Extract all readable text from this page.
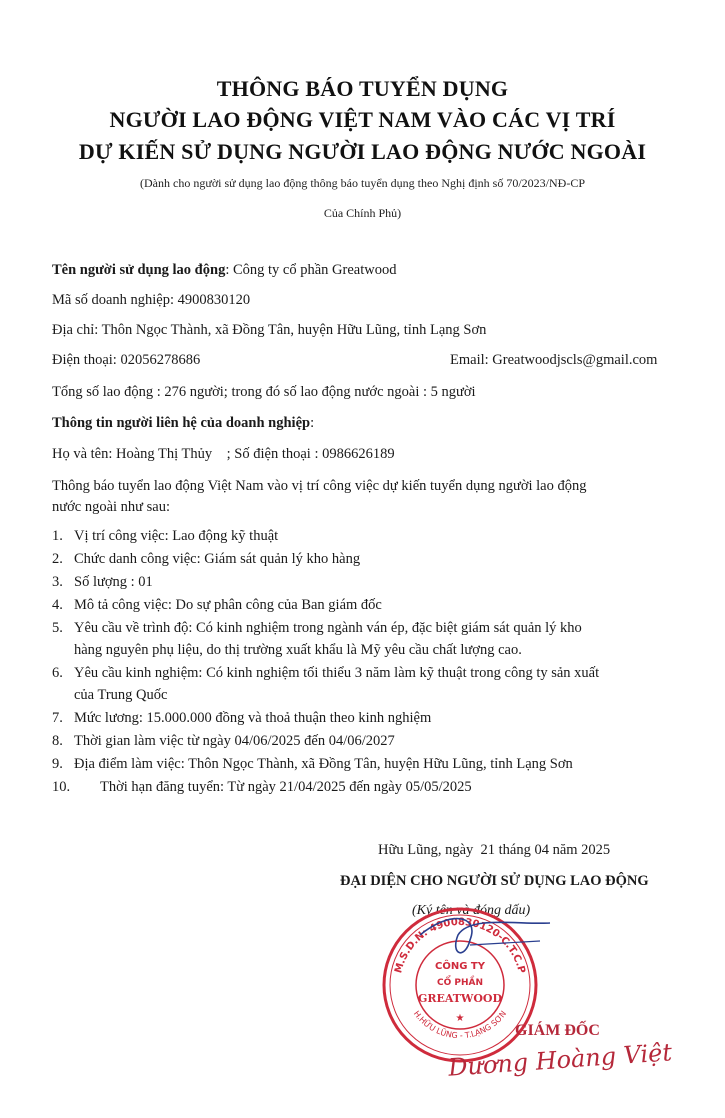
THÔNG BÁO TUYỂN DỤNG
NGƯỜI LAO ĐỘNG VIỆT NAM VÀO CÁC VỊ TRÍ
DỰ KIẾN SỬ DỤNG NGƯỜI LAO ĐỘNG NƯỚC NGOÀI
(Dành cho người sử dụng lao động thông báo tuyển dụng theo Nghị định số 70/2023/NĐ-CP
Của Chính Phủ)
Tên người sử dụng lao động: Công ty cổ phần Greatwood
Mã số doanh nghiệp: 4900830120
Địa chỉ: Thôn Ngọc Thành, xã Đồng Tân, huyện Hữu Lũng, tỉnh Lạng Sơn
Điện thoại: 02056278686	Email: Greatwoodjscls@gmail.com
Tổng số lao động : 276 người; trong đó số lao động nước ngoài : 5 người
Thông tin người liên hệ của doanh nghiệp:
Họ và tên: Hoàng Thị Thủy    ; Số điện thoại : 0986626189
Thông báo tuyển lao động Việt Nam vào vị trí công việc dự kiến tuyển dụng người lao động
nước ngoài như sau:
1. Vị trí công việc: Lao động kỹ thuật
2. Chức danh công việc: Giám sát quản lý kho hàng
3. Số lượng : 01
4. Mô tả công việc: Do sự phân công của Ban giám đốc
5. Yêu cầu về trình độ: Có kinh nghiệm trong ngành ván ép, đặc biệt giám sát quản lý kho
hàng nguyên phụ liệu, do thị trường xuất khẩu là Mỹ yêu cầu chất lượng cao.
6. Yêu cầu kinh nghiệm: Có kinh nghiệm tối thiểu 3 năm làm kỹ thuật trong công ty sản xuất
của Trung Quốc
7. Mức lương: 15.000.000 đồng và thoả thuận theo kinh nghiệm
8. Thời gian làm việc từ ngày 04/06/2025 đến 04/06/2027
9. Địa điểm làm việc: Thôn Ngọc Thành, xã Đồng Tân, huyện Hữu Lũng, tỉnh Lạng Sơn
10. Thời hạn đăng tuyển: Từ ngày 21/04/2025 đến ngày 05/05/2025
Hữu Lũng, ngày  21 tháng 04 năm 2025
ĐẠI DIỆN CHO NGƯỜI SỬ DỤNG LAO ĐỘNG
(Ký tên và đóng dấu)
M.S.D.N: 4900830120-C.T.C.P
H.HỮU LŨNG - T.LẠNG SƠN
CÔNG TY
CỔ PHẦN
GREATWOOD
★
GIÁM ĐỐC
Dương Hoàng Việt
